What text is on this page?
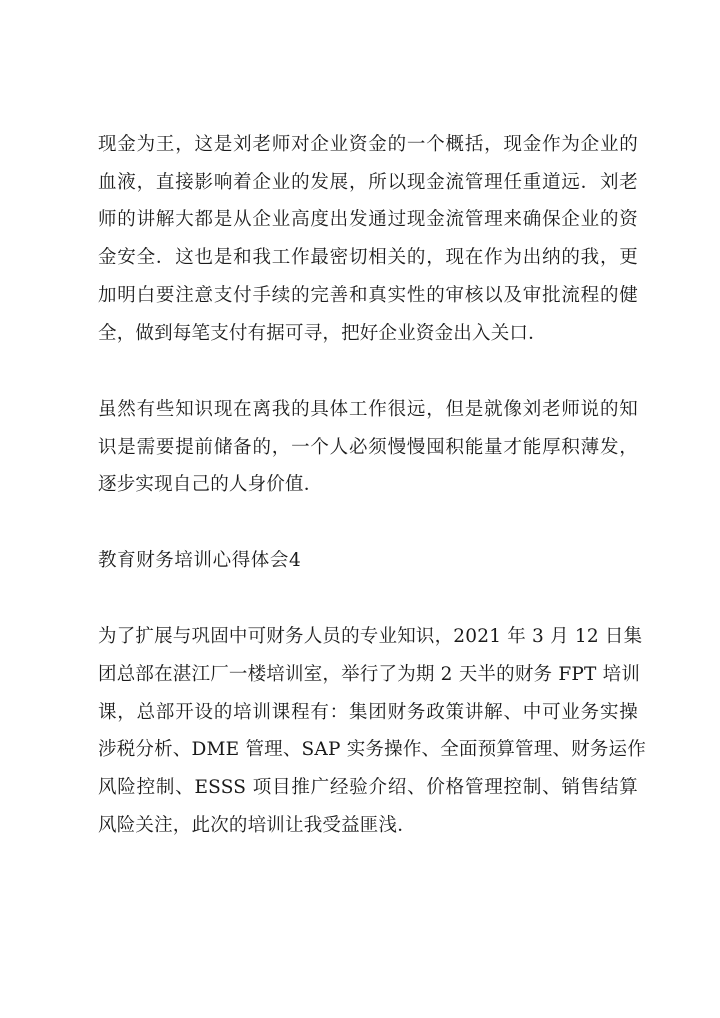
现金为王，这是刘老师对企业资金的一个概括，现金作为企业的
血液，直接影响着企业的发展，所以现金流管理任重道远．刘老
师的讲解大都是从企业高度出发通过现金流管理来确保企业的资
金安全．这也是和我工作最密切相关的，现在作为出纳的我，更
加明白要注意支付手续的完善和真实性的审核以及审批流程的健
全，做到每笔支付有据可寻，把好企业资金出入关口．
虽然有些知识现在离我的具体工作很远，但是就像刘老师说的知
识是需要提前储备的，一个人必须慢慢囤积能量才能厚积薄发，
逐步实现自己的人身价值．
教育财务培训心得体会4
为了扩展与巩固中可财务人员的专业知识，2021 年 3 月 12 日集
团总部在湛江厂一楼培训室，举行了为期 2 天半的财务 FPT 培训
课，总部开设的培训课程有：集团财务政策讲解、中可业务实操
涉税分析、DME 管理、SAP 实务操作、全面预算管理、财务运作
风险控制、ESSS 项目推广经验介绍、价格管理控制、销售结算
风险关注，此次的培训让我受益匪浅．
